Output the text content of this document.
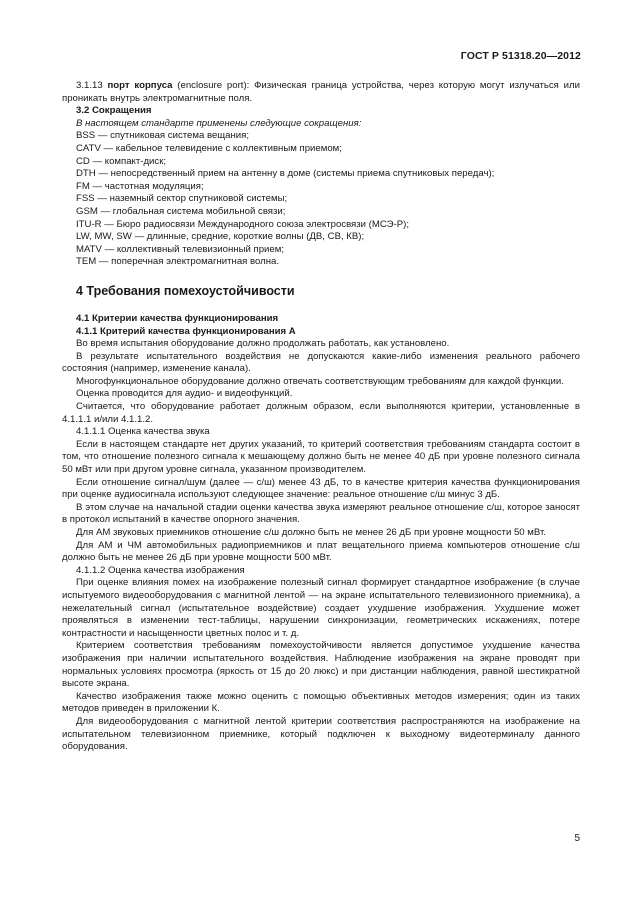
ГОСТ Р 51318.20—2012

3.1.13 порт корпуса (enclosure port): Физическая граница устройства, через которую могут излучаться или проникать внутрь электромагнитные поля.

3.2 Сокращения

В настоящем стандарте применены следующие сокращения:

BSS — спутниковая система вещания;

CATV — кабельное телевидение с коллективным приемом;

CD — компакт-диск;

DTH — непосредственный прием на антенну в доме (системы приема спутниковых передач);

FM — частотная модуляция;

FSS — наземный сектор спутниковой системы;

GSM — глобальная система мобильной связи;

ITU-R — Бюро радиосвязи Международного союза электросвязи (МСЭ-Р);

LW, MW, SW — длинные, средние, короткие волны (ДВ, СВ, КВ);

MATV — коллективный телевизионный прием;

TEM — поперечная электромагнитная волна.

4 Требования помехоустойчивости

4.1 Критерии качества функционирования

4.1.1 Критерий качества функционирования А

Во время испытания оборудование должно продолжать работать, как установлено.

В результате испытательного воздействия не допускаются какие-либо изменения реального рабочего состояния (например, изменение канала).

Многофункциональное оборудование должно отвечать соответствующим требованиям для каждой функции.

Оценка проводится для аудио- и видеофункций.

Считается, что оборудование работает должным образом, если выполняются критерии, установленные в 4.1.1.1 и/или 4.1.1.2.

4.1.1.1 Оценка качества звука

Если в настоящем стандарте нет других указаний, то критерий соответствия требованиям стандарта состоит в том, что отношение полезного сигнала к мешающему должно быть не менее 40 дБ при уровне полезного сигнала 50 мВт или при другом уровне сигнала, указанном производителем.

Если отношение сигнал/шум (далее — с/ш) менее 43 дБ, то в качестве критерия качества функционирования при оценке аудиосигнала используют следующее значение: реальное отношение с/ш минус 3 дБ.

В этом случае на начальной стадии оценки качества звука измеряют реальное отношение с/ш, которое заносят в протокол испытаний в качестве опорного значения.

Для АМ звуковых приемников отношение с/ш должно быть не менее 26 дБ при уровне мощности 50 мВт.

Для АМ и ЧМ автомобильных радиоприемников и плат вещательного приема компьютеров отношение с/ш должно быть не менее 26 дБ при уровне мощности 500 мВт.

4.1.1.2 Оценка качества изображения

При оценке влияния помех на изображение полезный сигнал формирует стандартное изображение (в случае испытуемого видеооборудования с магнитной лентой — на экране испытательного телевизионного приемника), а нежелательный сигнал (испытательное воздействие) создает ухудшение изображения. Ухудшение может проявляться в изменении тест-таблицы, нарушении синхронизации, геометрических искажениях, потере контрастности и насыщенности цветных полос и т. д.

Критерием соответствия требованиям помехоустойчивости является допустимое ухудшение качества изображения при наличии испытательного воздействия. Наблюдение изображения на экране проводят при нормальных условиях просмотра (яркость от 15 до 20 люкс) и при дистанции наблюдения, равной шестикратной высоте экрана.

Качество изображения также можно оценить с помощью объективных методов измерения; один из таких методов приведен в приложении К.

Для видеооборудования с магнитной лентой критерии соответствия распространяются на изображение на испытательном телевизионном приемнике, который подключен к выходному видеотерминалу данного оборудования.

5
